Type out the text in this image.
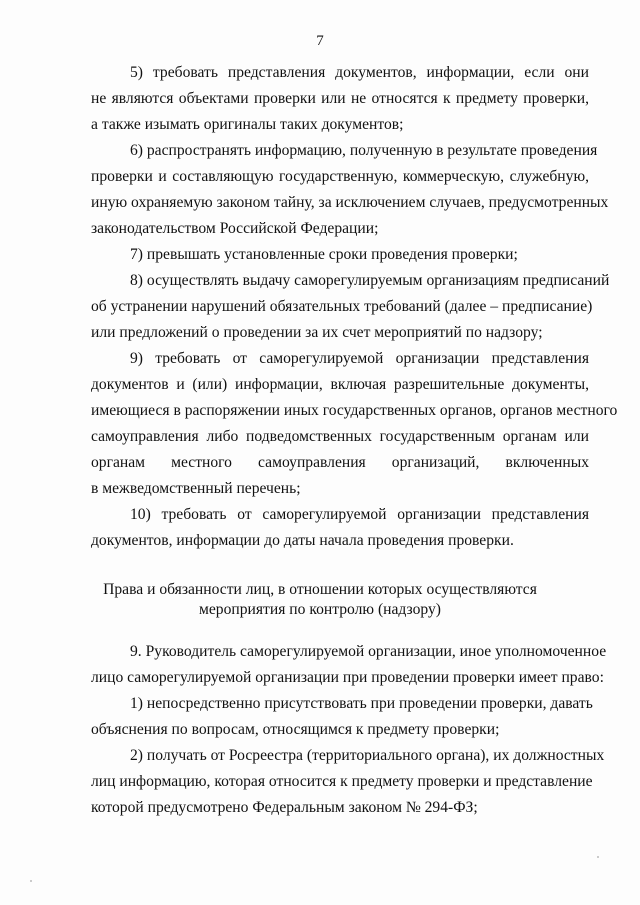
7
5) требовать представления документов, информации, если они
не являются объектами проверки или не относятся к предмету проверки,
а также изымать оригиналы таких документов;
6) распространять информацию, полученную в результате проведения
проверки и составляющую государственную, коммерческую, служебную,
иную охраняемую законом тайну, за исключением случаев, предусмотренных
законодательством Российской Федерации;
7) превышать установленные сроки проведения проверки;
8) осуществлять выдачу саморегулируемым организациям предписаний
об устранении нарушений обязательных требований (далее – предписание)
или предложений о проведении за их счет мероприятий по надзору;
9) требовать от саморегулируемой организации представления
документов и (или) информации, включая разрешительные документы,
имеющиеся в распоряжении иных государственных органов, органов местного
самоуправления либо подведомственных государственным органам или
органам местного самоуправления организаций, включенных
в межведомственный перечень;
10) требовать от саморегулируемой организации представления
документов, информации до даты начала проведения проверки.
Права и обязанности лиц, в отношении которых осуществляются
мероприятия по контролю (надзору)
9. Руководитель саморегулируемой организации, иное уполномоченное
лицо саморегулируемой организации при проведении проверки имеет право:
1) непосредственно присутствовать при проведении проверки, давать
объяснения по вопросам, относящимся к предмету проверки;
2) получать от Росреестра (территориального органа), их должностных
лиц информацию, которая относится к предмету проверки и представление
которой предусмотрено Федеральным законом № 294-ФЗ;
